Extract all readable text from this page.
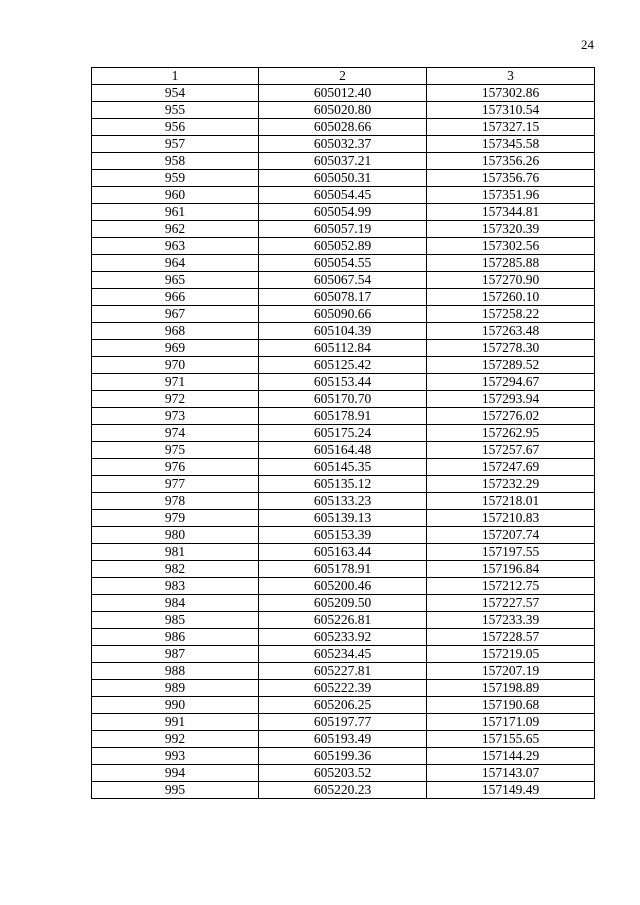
24
1	2	3
954	605012.40	157302.86
955	605020.80	157310.54
956	605028.66	157327.15
957	605032.37	157345.58
958	605037.21	157356.26
959	605050.31	157356.76
960	605054.45	157351.96
961	605054.99	157344.81
962	605057.19	157320.39
963	605052.89	157302.56
964	605054.55	157285.88
965	605067.54	157270.90
966	605078.17	157260.10
967	605090.66	157258.22
968	605104.39	157263.48
969	605112.84	157278.30
970	605125.42	157289.52
971	605153.44	157294.67
972	605170.70	157293.94
973	605178.91	157276.02
974	605175.24	157262.95
975	605164.48	157257.67
976	605145.35	157247.69
977	605135.12	157232.29
978	605133.23	157218.01
979	605139.13	157210.83
980	605153.39	157207.74
981	605163.44	157197.55
982	605178.91	157196.84
983	605200.46	157212.75
984	605209.50	157227.57
985	605226.81	157233.39
986	605233.92	157228.57
987	605234.45	157219.05
988	605227.81	157207.19
989	605222.39	157198.89
990	605206.25	157190.68
991	605197.77	157171.09
992	605193.49	157155.65
993	605199.36	157144.29
994	605203.52	157143.07
995	605220.23	157149.49
